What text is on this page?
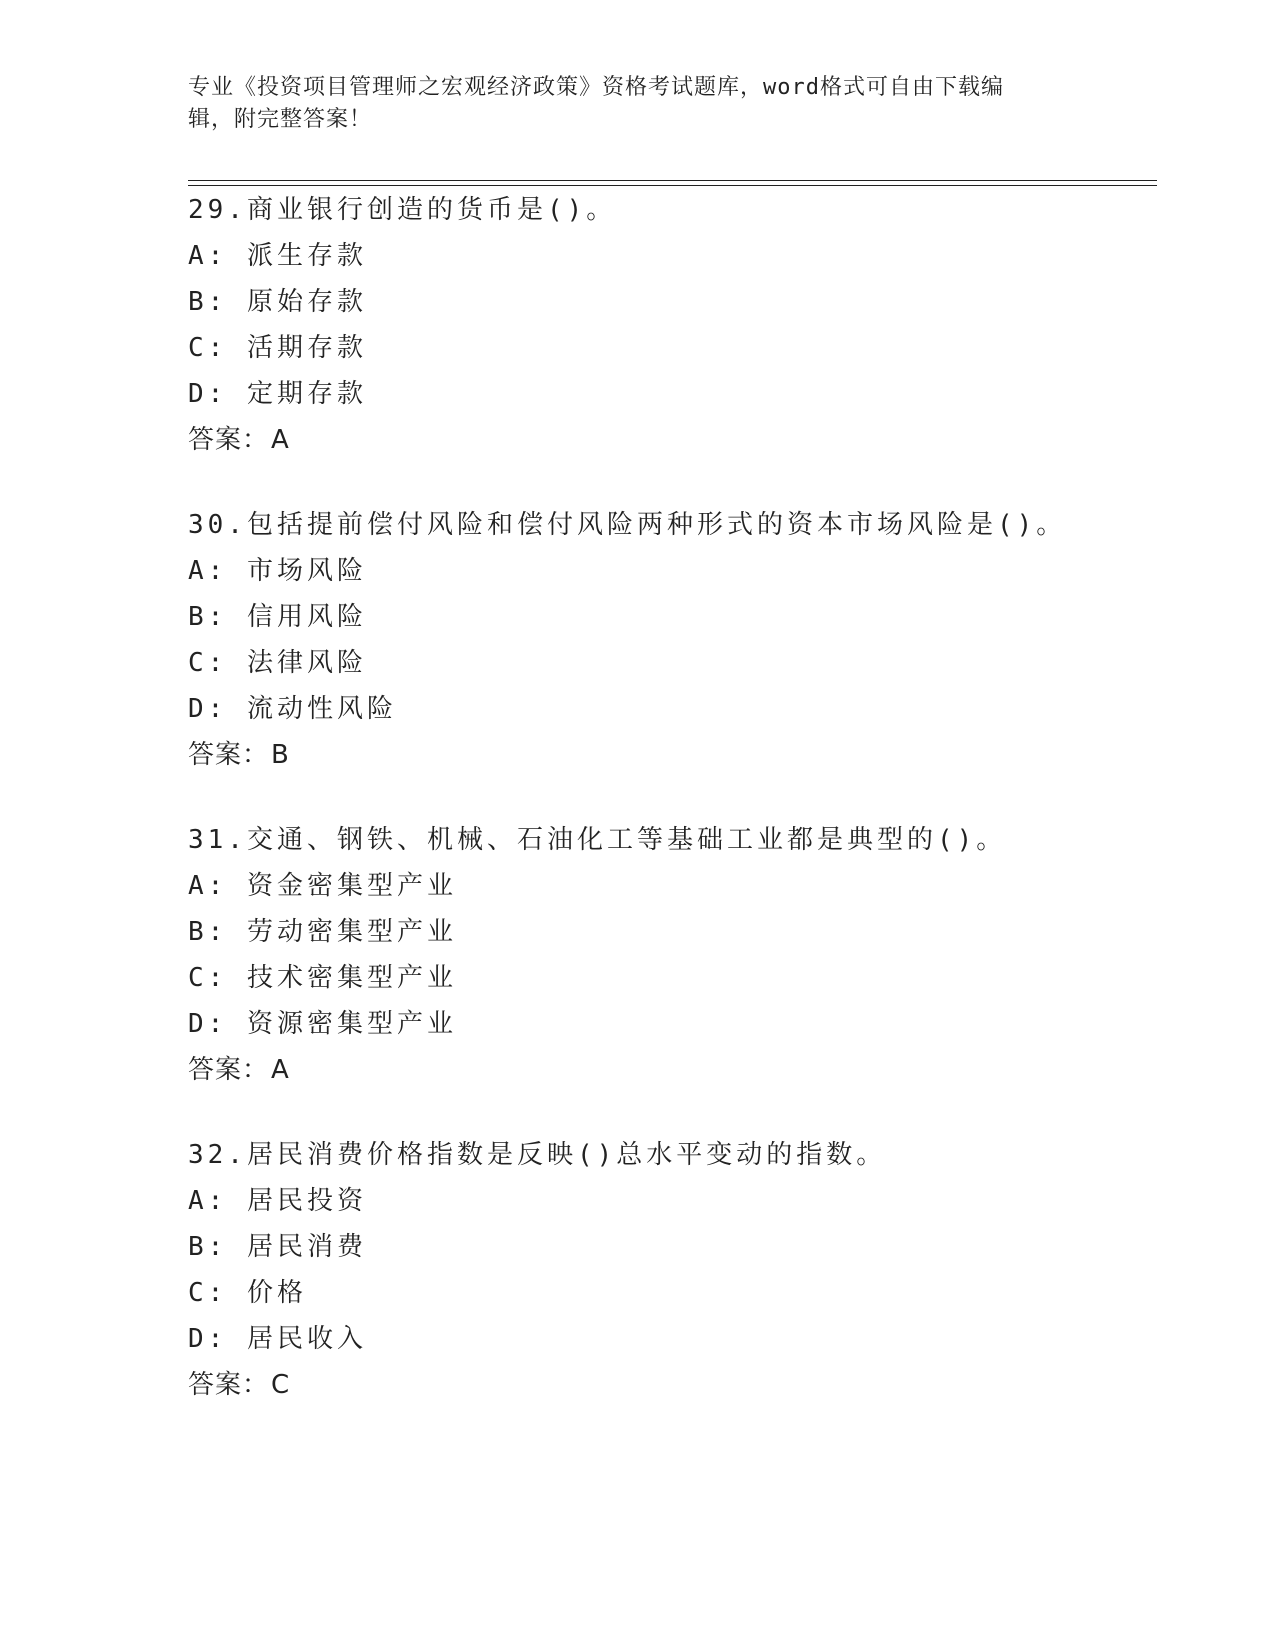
专业《投资项目管理师之宏观经济政策》资格考试题库，word格式可自由下载编
辑，附完整答案！
29.商业银行创造的货币是()。
A: 派生存款
B: 原始存款
C: 活期存款
D: 定期存款
答案：A
30.包括提前偿付风险和偿付风险两种形式的资本市场风险是()。
A: 市场风险
B: 信用风险
C: 法律风险
D: 流动性风险
答案：B
31.交通、钢铁、机械、石油化工等基础工业都是典型的()。
A: 资金密集型产业
B: 劳动密集型产业
C: 技术密集型产业
D: 资源密集型产业
答案：A
32.居民消费价格指数是反映()总水平变动的指数。
A: 居民投资
B: 居民消费
C: 价格
D: 居民收入
答案：C
